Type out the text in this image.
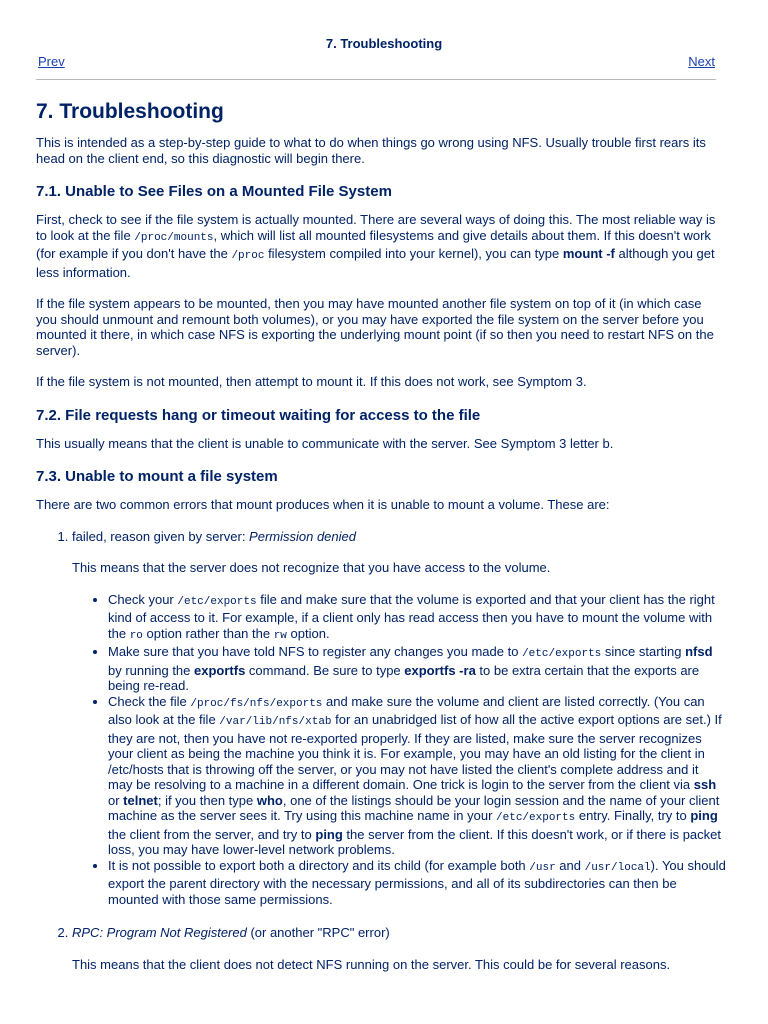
7. Troubleshooting
Prev	Next
7. Troubleshooting

This is intended as a step-by-step guide to what to do when things go wrong using NFS. Usually trouble first rears its head on the client end, so this diagnostic will begin there.

7.1. Unable to See Files on a Mounted File System

First, check to see if the file system is actually mounted. There are several ways of doing this. The most reliable way is to look at the file /proc/mounts, which will list all mounted filesystems and give details about them. If this doesn't work (for example if you don't have the /proc filesystem compiled into your kernel), you can type mount -f although you get less information.

If the file system appears to be mounted, then you may have mounted another file system on top of it (in which case you should unmount and remount both volumes), or you may have exported the file system on the server before you mounted it there, in which case NFS is exporting the underlying mount point (if so then you need to restart NFS on the server).

If the file system is not mounted, then attempt to mount it. If this does not work, see Symptom 3.

7.2. File requests hang or timeout waiting for access to the file

This usually means that the client is unable to communicate with the server. See Symptom 3 letter b.

7.3. Unable to mount a file system

There are two common errors that mount produces when it is unable to mount a volume. These are:

1. failed, reason given by server: Permission denied

This means that the server does not recognize that you have access to the volume.

• Check your /etc/exports file and make sure that the volume is exported and that your client has the right kind of access to it. For example, if a client only has read access then you have to mount the volume with the ro option rather than the rw option.
• Make sure that you have told NFS to register any changes you made to /etc/exports since starting nfsd by running the exportfs command. Be sure to type exportfs -ra to be extra certain that the exports are being re-read.
• Check the file /proc/fs/nfs/exports and make sure the volume and client are listed correctly. (You can also look at the file /var/lib/nfs/xtab for an unabridged list of how all the active export options are set.) If they are not, then you have not re-exported properly. If they are listed, make sure the server recognizes your client as being the machine you think it is. For example, you may have an old listing for the client in /etc/hosts that is throwing off the server, or you may not have listed the client's complete address and it may be resolving to a machine in a different domain. One trick is login to the server from the client via ssh or telnet; if you then type who, one of the listings should be your login session and the name of your client machine as the server sees it. Try using this machine name in your /etc/exports entry. Finally, try to ping the client from the server, and try to ping the server from the client. If this doesn't work, or if there is packet loss, you may have lower-level network problems.
• It is not possible to export both a directory and its child (for example both /usr and /usr/local). You should export the parent directory with the necessary permissions, and all of its subdirectories can then be mounted with those same permissions.

2. RPC: Program Not Registered (or another "RPC" error)

This means that the client does not detect NFS running on the server. This could be for several reasons.
